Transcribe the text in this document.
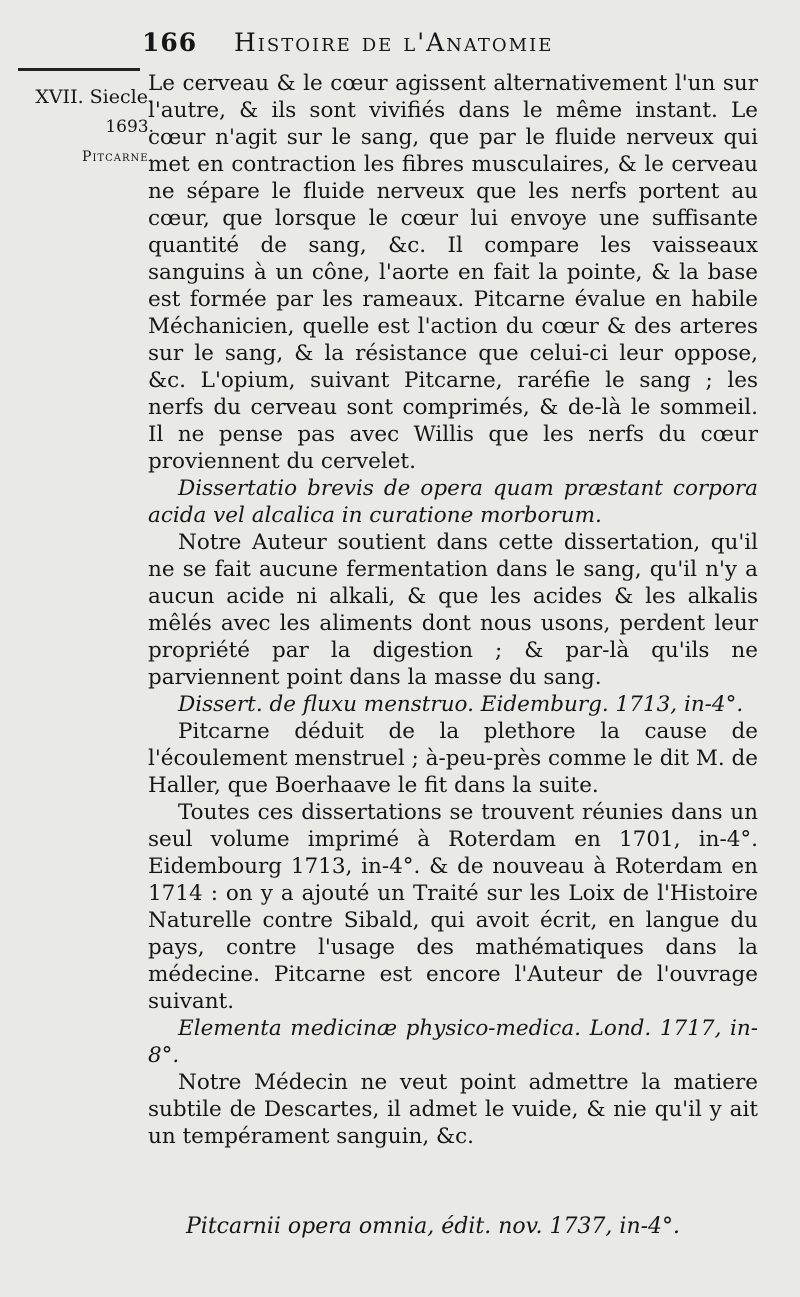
166 Histoire de l'Anatomie
XVII. Siecle.
1693.
Pitcarne.

Le cerveau & le cœur agissent alternativement l'un sur l'autre, & ils sont vivifiés dans le même instant. Le cœur n'agit sur le sang, que par le fluide nerveux qui met en contraction les fibres musculaires, & le cerveau ne sépare le fluide nerveux que les nerfs portent au cœur, que lorsque le cœur lui envoye une suffisante quantité de sang, &c. Il compare les vaisseaux sanguins à un cône, l'aorte en fait la pointe, & la base est formée par les rameaux. Pitcarne évalue en habile Méchanicien, quelle est l'action du cœur & des arteres sur le sang, & la résistance que celui-ci leur oppose, &c. L'opium, suivant Pitcarne, raréfie le sang ; les nerfs du cerveau sont comprimés, & de-là le sommeil. Il ne pense pas avec Willis que les nerfs du cœur proviennent du cervelet.

Dissertatio brevis de opera quam præstant corpora acida vel alcalica in curatione morborum.

Notre Auteur soutient dans cette dissertation, qu'il ne se fait aucune fermentation dans le sang, qu'il n'y a aucun acide ni alkali, & que les acides & les alkalis mêlés avec les aliments dont nous usons, perdent leur propriété par la digestion ; & par-là qu'ils ne parviennent point dans la masse du sang.

Dissert. de fluxu menstruo. Eidemburg. 1713, in-4°.

Pitcarne déduit de la plethore la cause de l'écoulement menstruel ; à-peu-près comme le dit M. de Haller, que Boerhaave le fit dans la suite.

Toutes ces dissertations se trouvent réunies dans un seul volume imprimé à Roterdam en 1701, in-4°. Eidembourg 1713, in-4°. & de nouveau à Roterdam en 1714 : on y a ajouté un Traité sur les Loix de l'Histoire Naturelle contre Sibald, qui avoit écrit, en langue du pays, contre l'usage des mathématiques dans la médecine. Pitcarne est encore l'Auteur de l'ouvrage suivant.

Elementa medicinæ physico-medica. Lond. 1717, in-8°.

Notre Médecin ne veut point admettre la matiere subtile de Descartes, il admet le vuide, & nie qu'il y ait un tempérament sanguin, &c.

Pitcarnii opera omnia, édit. nov. 1737, in-4°.
